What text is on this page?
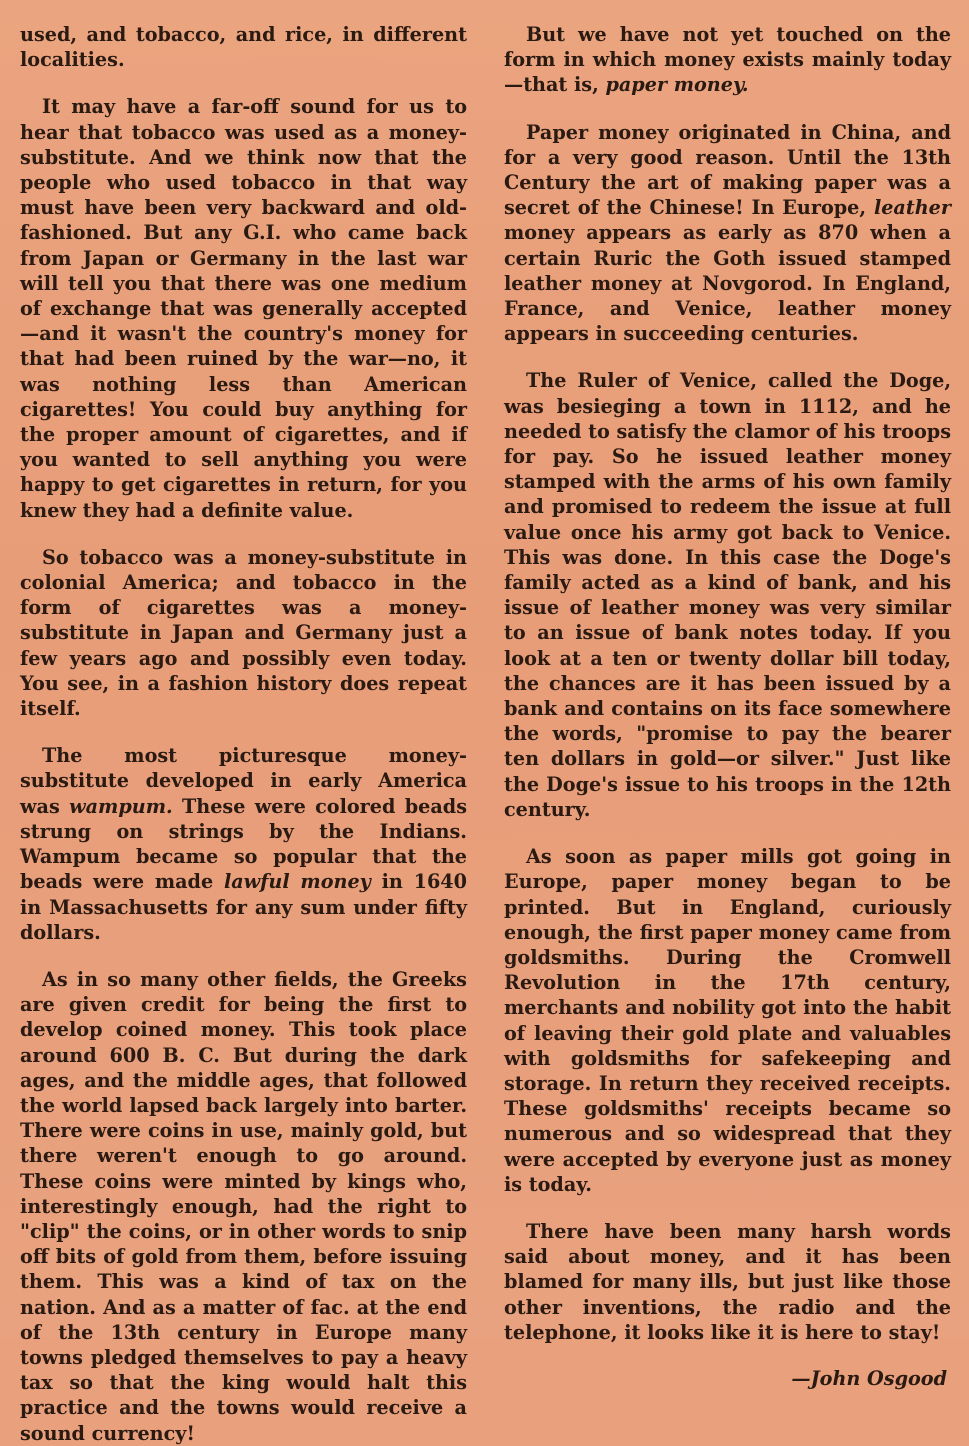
used, and tobacco, and rice, in different localities.

It may have a far-off sound for us to hear that tobacco was used as a money-substitute. And we think now that the people who used tobacco in that way must have been very backward and old-fashioned. But any G.I. who came back from Japan or Germany in the last war will tell you that there was one medium of exchange that was generally accepted—and it wasn't the country's money for that had been ruined by the war—no, it was nothing less than American cigarettes! You could buy anything for the proper amount of cigarettes, and if you wanted to sell anything you were happy to get cigarettes in return, for you knew they had a definite value.

So tobacco was a money-substitute in colonial America; and tobacco in the form of cigarettes was a money-substitute in Japan and Germany just a few years ago and possibly even today. You see, in a fashion history does repeat itself.

The most picturesque money-substitute developed in early America was wampum. These were colored beads strung on strings by the Indians. Wampum became so popular that the beads were made lawful money in 1640 in Massachusetts for any sum under fifty dollars.

As in so many other fields, the Greeks are given credit for being the first to develop coined money. This took place around 600 B. C. But during the dark ages, and the middle ages, that followed the world lapsed back largely into barter. There were coins in use, mainly gold, but there weren't enough to go around. These coins were minted by kings who, interestingly enough, had the right to "clip" the coins, or in other words to snip off bits of gold from them, before issuing them. This was a kind of tax on the nation. And as a matter of fac. at the end of the 13th century in Europe many towns pledged themselves to pay a heavy tax so that the king would halt this practice and the towns would receive a sound currency!

But we have not yet touched on the form in which money exists mainly today—that is, paper money.

Paper money originated in China, and for a very good reason. Until the 13th Century the art of making paper was a secret of the Chinese! In Europe, leather money appears as early as 870 when a certain Ruric the Goth issued stamped leather money at Novgorod. In England, France, and Venice, leather money appears in succeeding centuries.

The Ruler of Venice, called the Doge, was besieging a town in 1112, and he needed to satisfy the clamor of his troops for pay. So he issued leather money stamped with the arms of his own family and promised to redeem the issue at full value once his army got back to Venice. This was done. In this case the Doge's family acted as a kind of bank, and his issue of leather money was very similar to an issue of bank notes today. If you look at a ten or twenty dollar bill today, the chances are it has been issued by a bank and contains on its face somewhere the words, "promise to pay the bearer ten dollars in gold—or silver." Just like the Doge's issue to his troops in the 12th century.

As soon as paper mills got going in Europe, paper money began to be printed. But in England, curiously enough, the first paper money came from goldsmiths. During the Cromwell Revolution in the 17th century, merchants and nobility got into the habit of leaving their gold plate and valuables with goldsmiths for safekeeping and storage. In return they received receipts. These goldsmiths' receipts became so numerous and so widespread that they were accepted by everyone just as money is today.

There have been many harsh words said about money, and it has been blamed for many ills, but just like those other inventions, the radio and the telephone, it looks like it is here to stay!

—John Osgood
